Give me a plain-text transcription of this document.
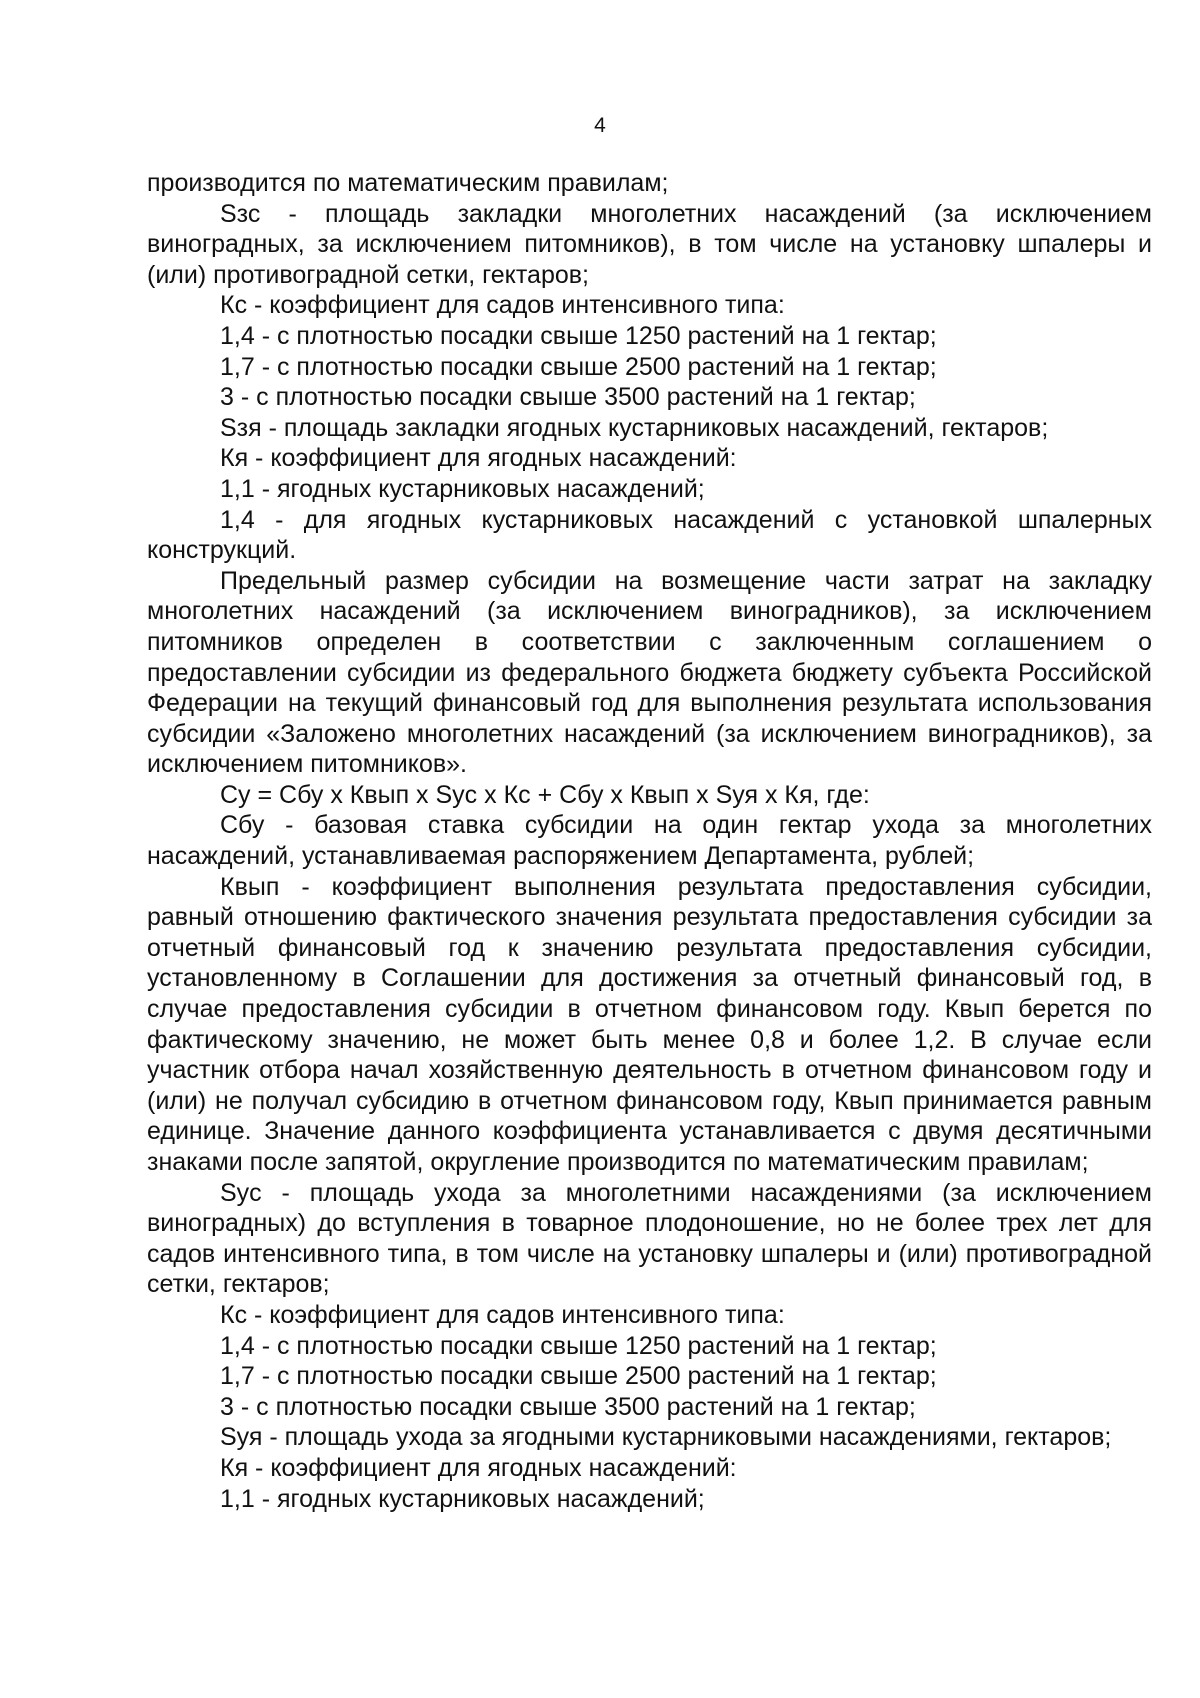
4

производится по математическим правилам;

Sзс - площадь закладки многолетних насаждений (за исключением виноградных, за исключением питомников), в том числе на установку шпалеры и (или) противоградной сетки, гектаров;

Кс - коэффициент для садов интенсивного типа:

1,4 - с плотностью посадки свыше 1250 растений на 1 гектар;

1,7 - с плотностью посадки свыше 2500 растений на 1 гектар;

3 - с плотностью посадки свыше 3500 растений на 1 гектар;

Sзя - площадь закладки ягодных кустарниковых насаждений, гектаров;

Кя - коэффициент для ягодных насаждений:

1,1 - ягодных кустарниковых насаждений;

1,4 - для ягодных кустарниковых насаждений с установкой шпалерных конструкций.

Предельный размер субсидии на возмещение части затрат на закладку многолетних насаждений (за исключением виноградников), за исключением питомников определен в соответствии с заключенным соглашением о предоставлении субсидии из федерального бюджета бюджету субъекта Российской Федерации на текущий финансовый год для выполнения результата использования субсидии «Заложено многолетних насаждений (за исключением виноградников), за исключением питомников».

Су = Сбу x Квып x Syc x Кс + Сбу x Квып x Sуя x Кя, где:

Сбу - базовая ставка субсидии на один гектар ухода за многолетних насаждений, устанавливаемая распоряжением Департамента, рублей;

Квып - коэффициент выполнения результата предоставления субсидии, равный отношению фактического значения результата предоставления субсидии за отчетный финансовый год к значению результата предоставления субсидии, установленному в Соглашении для достижения за отчетный финансовый год, в случае предоставления субсидии в отчетном финансовом году. Квып берется по фактическому значению, не может быть менее 0,8 и более 1,2. В случае если участник отбора начал хозяйственную деятельность в отчетном финансовом году и (или) не получал субсидию в отчетном финансовом году, Квып принимается равным единице. Значение данного коэффициента устанавливается с двумя десятичными знаками после запятой, округление производится по математическим правилам;

Syc - площадь ухода за многолетними насаждениями (за исключением виноградных) до вступления в товарное плодоношение, но не более трех лет для садов интенсивного типа, в том числе на установку шпалеры и (или) противоградной сетки, гектаров;

Кс - коэффициент для садов интенсивного типа:

1,4 - с плотностью посадки свыше 1250 растений на 1 гектар;

1,7 - с плотностью посадки свыше 2500 растений на 1 гектар;

3 - с плотностью посадки свыше 3500 растений на 1 гектар;

Sуя - площадь ухода за ягодными кустарниковыми насаждениями, гектаров;

Кя - коэффициент для ягодных насаждений:

1,1 - ягодных кустарниковых насаждений;
